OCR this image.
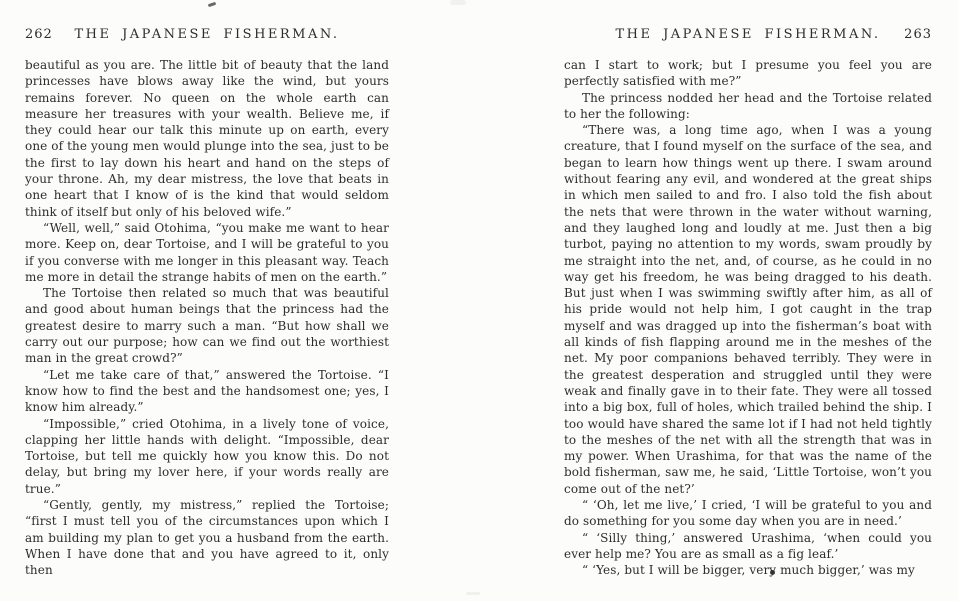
262	THE JAPANESE FISHERMAN.

beautiful as you are. The little bit of beauty that the land princesses have blows away like the wind, but yours remains forever. No queen on the whole earth can measure her treasures with your wealth. Believe me, if they could hear our talk this minute up on earth, every one of the young men would plunge into the sea, just to be the first to lay down his heart and hand on the steps of your throne. Ah, my dear mistress, the love that beats in one heart that I know of is the kind that would seldom think of itself but only of his beloved wife.”

“Well, well,” said Otohima, “you make me want to hear more. Keep on, dear Tortoise, and I will be grateful to you if you converse with me longer in this pleasant way. Teach me more in detail the strange habits of men on the earth.”

The Tortoise then related so much that was beautiful and good about human beings that the princess had the greatest desire to marry such a man. “But how shall we carry out our purpose; how can we find out the worthiest man in the great crowd?”

“Let me take care of that,” answered the Tortoise. “I know how to find the best and the handsomest one; yes, I know him already.”

“Impossible,” cried Otohima, in a lively tone of voice, clapping her little hands with delight. “Impossible, dear Tortoise, but tell me quickly how you know this. Do not delay, but bring my lover here, if your words really are true.”

“Gently, gently, my mistress,” replied the Tortoise; “first I must tell you of the circumstances upon which I am building my plan to get you a husband from the earth. When I have done that and you have agreed to it, only then

THE JAPANESE FISHERMAN.	263

can I start to work; but I presume you feel you are perfectly satisfied with me?”

The princess nodded her head and the Tortoise related to her the following:

“There was, a long time ago, when I was a young creature, that I found myself on the surface of the sea, and began to learn how things went up there. I swam around without fearing any evil, and wondered at the great ships in which men sailed to and fro. I also told the fish about the nets that were thrown in the water without warning, and they laughed long and loudly at me. Just then a big turbot, paying no attention to my words, swam proudly by me straight into the net, and, of course, as he could in no way get his freedom, he was being dragged to his death. But just when I was swimming swiftly after him, as all of his pride would not help him, I got caught in the trap myself and was dragged up into the fisherman’s boat with all kinds of fish flapping around me in the meshes of the net. My poor companions behaved terribly. They were in the greatest desperation and struggled until they were weak and finally gave in to their fate. They were all tossed into a big box, full of holes, which trailed behind the ship. I too would have shared the same lot if I had not held tightly to the meshes of the net with all the strength that was in my power. When Urashima, for that was the name of the bold fisherman, saw me, he said, ‘Little Tortoise, won’t you come out of the net?’

“ ‘Oh, let me live,’ I cried, ‘I will be grateful to you and do something for you some day when you are in need.’

“ ‘Silly thing,’ answered Urashima, ‘when could you ever help me? You are as small as a fig leaf.’

“ ‘Yes, but I will be bigger, very much bigger,’ was my
